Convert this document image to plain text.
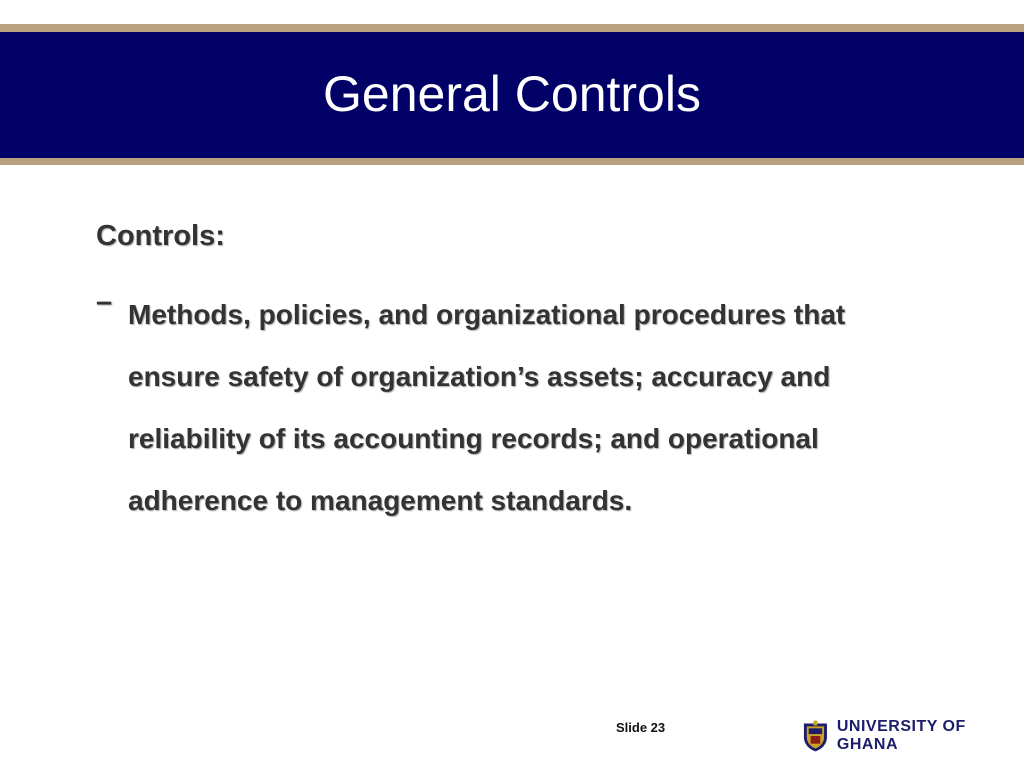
General Controls
Controls:
– Methods, policies, and organizational procedures that ensure safety of organization’s assets; accuracy and reliability of its accounting records; and operational adherence to management standards.
Slide 23	UNIVERSITY OF GHANA
